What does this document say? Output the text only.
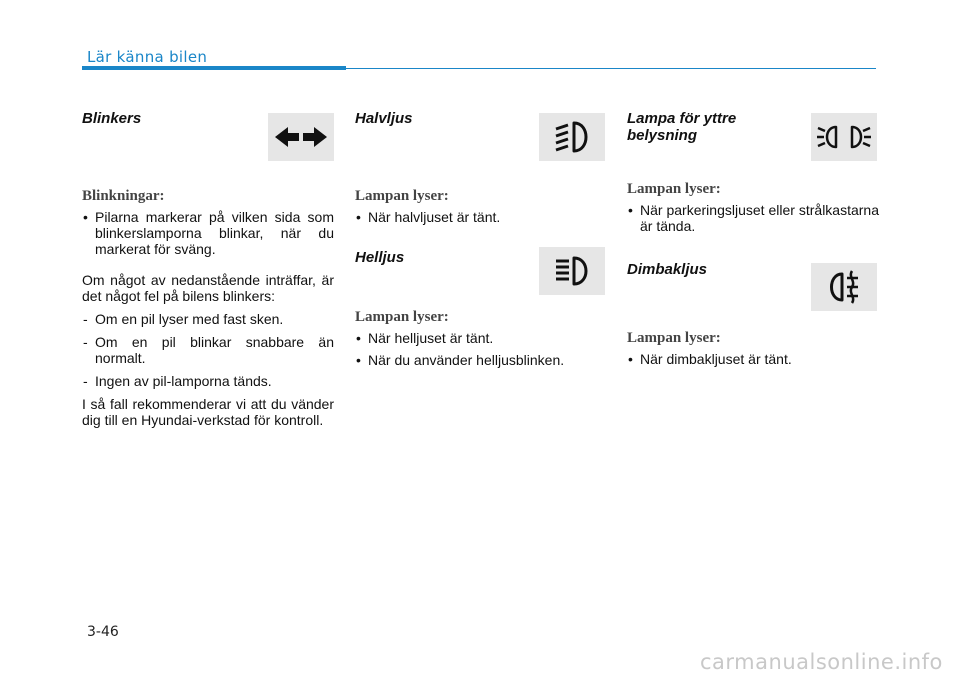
Lär känna bilen

Blinkers

Blinkningar:

• Pilarna markerar på vilken sida som blinkerslamporna blinkar, när du markerat för sväng.

Om något av nedanstående inträffar, är det något fel på bilens blinkers:

- Om en pil lyser med fast sken.

- Om en pil blinkar snabbare än normalt.

- Ingen av pil-lamporna tänds.

I så fall rekommenderar vi att du vänder dig till en Hyundai-verkstad för kontroll.

Halvljus

Lampan lyser:

• När halvljuset är tänt.

Helljus

Lampan lyser:

• När helljuset är tänt.

• När du använder helljusblinken.

Lampa för yttre belysning

Lampan lyser:

• När parkeringsljuset eller strålkastarna är tända.

Dimbakljus

Lampan lyser:

• När dimbakljuset är tänt.

3-46
carmanualsonline.info
